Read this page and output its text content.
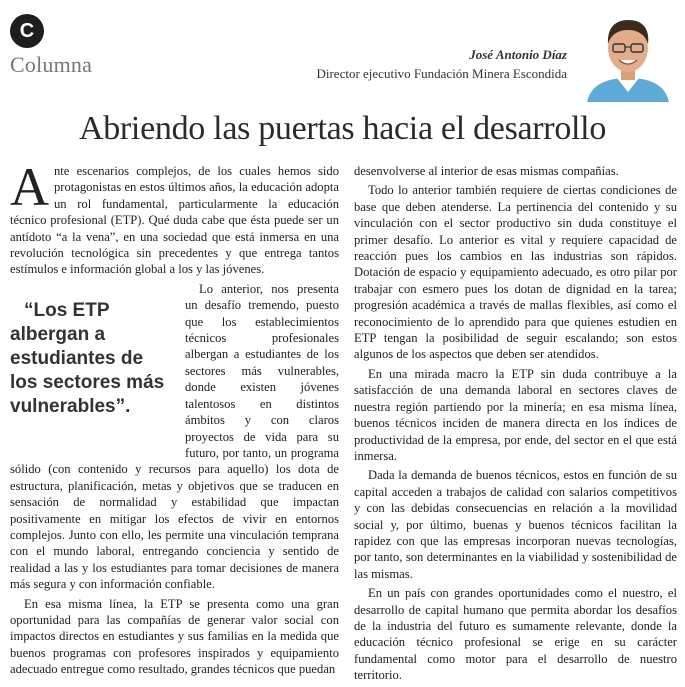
C
Columna	José Antonio Díaz
Director ejecutivo Fundación Minera Escondida
Abriendo las puertas hacia el desarrollo

Ante escenarios complejos, de los cuales hemos sido protagonistas en estos últimos años, la educación adopta un rol fundamental, particularmente la educación técnico profesional (ETP). Qué duda cabe que ésta puede ser un antídoto “a la vena”, en una sociedad que está inmersa en una revolución tecnológica sin precedentes y que entrega tantos estímulos e información global a los y las jóvenes.

“Los ETP albergan a estudiantes de los sectores más vulnerables”.
Lo anterior, nos presenta un desafío tremendo, puesto que los establecimientos técnicos profesionales albergan a estudiantes de los sectores más vulnerables, donde existen jóvenes talentosos en distintos ámbitos y con claros proyectos de vida para su futuro, por tanto, un programa sólido (con contenido y recursos para aquello) los dota de estructura, planificación, metas y objetivos que se traducen en sensación de normalidad y estabilidad que impactan positivamente en mitigar los efectos de vivir en entornos complejos. Junto con ello, les permite una vinculación temprana con el mundo laboral, entregando conciencia y sentido de realidad a las y los estudiantes para tomar decisiones de manera más segura y con información confiable.

En esa misma línea, la ETP se presenta como una gran oportunidad para las compañías de generar valor social con impactos directos en estudiantes y sus familias en la medida que buenos programas con profesores inspirados y equipamiento adecuado entregue como resultado, grandes técnicos que puedan

desenvolverse al interior de esas mismas compañías.

Todo lo anterior también requiere de ciertas condiciones de base que deben atenderse. La pertinencia del contenido y su vinculación con el sector productivo sin duda constituye el primer desafío. Lo anterior es vital y requiere capacidad de reacción pues los cambios en las industrias son rápidos. Dotación de espacio y equipamiento adecuado, es otro pilar por trabajar con esmero pues los dotan de dignidad en la tarea; progresión académica a través de mallas flexibles, así como el reconocimiento de lo aprendido para que quienes estudien en ETP tengan la posibilidad de seguir escalando; son estos algunos de los aspectos que deben ser atendidos.

En una mirada macro la ETP sin duda contribuye a la satisfacción de una demanda laboral en sectores claves de nuestra región partiendo por la minería; en esa misma línea, buenos técnicos inciden de manera directa en los índices de productividad de la empresa, por ende, del sector en el que está inmersa.

Dada la demanda de buenos técnicos, estos en función de su capital acceden a trabajos de calidad con salarios competitivos y con las debidas consecuencias en relación a la movilidad social y, por último, buenas y buenos técnicos facilitan la rapidez con que las empresas incorporan nuevas tecnologías, por tanto, son determinantes en la viabilidad y sostenibilidad de las mismas.

En un país con grandes oportunidades como el nuestro, el desarrollo de capital humano que permita abordar los desafíos de la industria del futuro es sumamente relevante, donde la educación técnico profesional se erige en su carácter fundamental como motor para el desarrollo de nuestro territorio.
